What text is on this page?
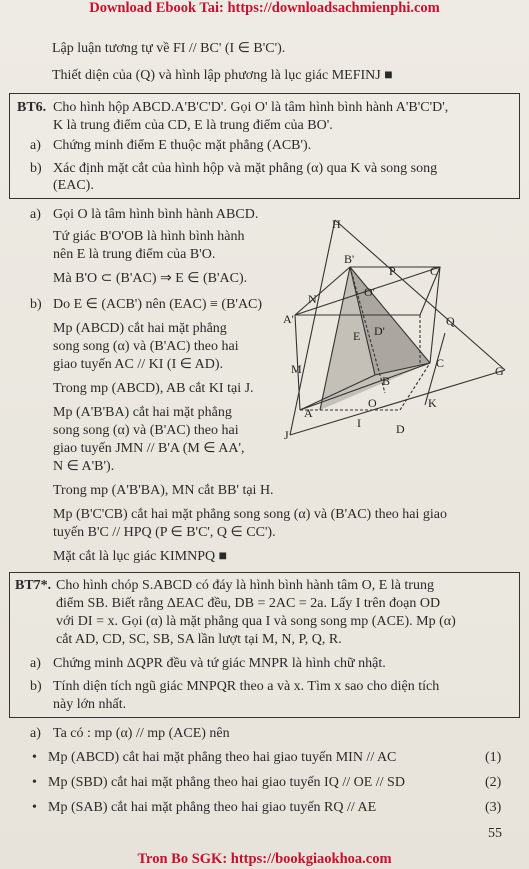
Download Ebook Tai: https://downloadsachmienphi.com
Lập luận tương tự về FI // BC' (I ∈ B'C').
Thiết diện của (Q) và hình lập phương là lục giác MEFINJ ■
BT6. Cho hình hộp ABCD.A'B'C'D'. Gọi O' là tâm hình bình hành A'B'C'D',
K là trung điểm của CD, E là trung điểm của BO'.
a) Chứng minh điểm E thuộc mặt phẳng (ACB').
b) Xác định mặt cắt của hình hộp và mặt phẳng (α) qua K và song song
(EAC).
a) Gọi O là tâm hình bình hành ABCD.
Tứ giác B'O'OB là hình bình hành
nên E là trung điểm của B'O.
Mà B'O ⊂ (B'AC) ⇒ E ∈ (B'AC).
b) Do E ∈ (ACB') nên (EAC) ≡ (B'AC)
Mp (ABCD) cắt hai mặt phẳng
song song (α) và (B'AC) theo hai
giao tuyến AC // KI (I ∈ AD).
Trong mp (ABCD), AB cắt KI tại J.
Mp (A'B'BA) cắt hai mặt phẳng
song song (α) và (B'AC) theo hai
giao tuyến JMN // B'A (M ∈ AA',
N ∈ A'B').
Trong mp (A'B'BA), MN cắt BB' tại H.
Mp (B'C'CB) cắt hai mặt phẳng song song (α) và (B'AC) theo hai giao
tuyến B'C // HPQ (P ∈ B'C', Q ∈ CC').
Mặt cắt là lục giác KIMNPQ ■
H
B'
P	C'
N	O'
A'
D'
Q
E
M	C
G
A
O	K
I	D
J
B
BT7*. Cho hình chóp S.ABCD có đáy là hình bình hành tâm O, E là trung
điểm SB. Biết rằng ΔEAC đều, DB = 2AC = 2a. Lấy I trên đoạn OD
với DI = x. Gọi (α) là mặt phẳng qua I và song song mp (ACE). Mp (α)
cắt AD, CD, SC, SB, SA lần lượt tại M, N, P, Q, R.
a) Chứng minh ΔQPR đều và tứ giác MNPR là hình chữ nhật.
b) Tính diện tích ngũ giác MNPQR theo a và x. Tìm x sao cho diện tích
này lớn nhất.
a) Ta có : mp (α) // mp (ACE) nên
• Mp (ABCD) cắt hai mặt phẳng theo hai giao tuyến MIN // AC	(1)
• Mp (SBD) cắt hai mặt phẳng theo hai giao tuyến IQ // OE // SD	(2)
• Mp (SAB) cắt hai mặt phẳng theo hai giao tuyến RQ // AE	(3)
55
Tron Bo SGK: https://bookgiaokhoa.com
